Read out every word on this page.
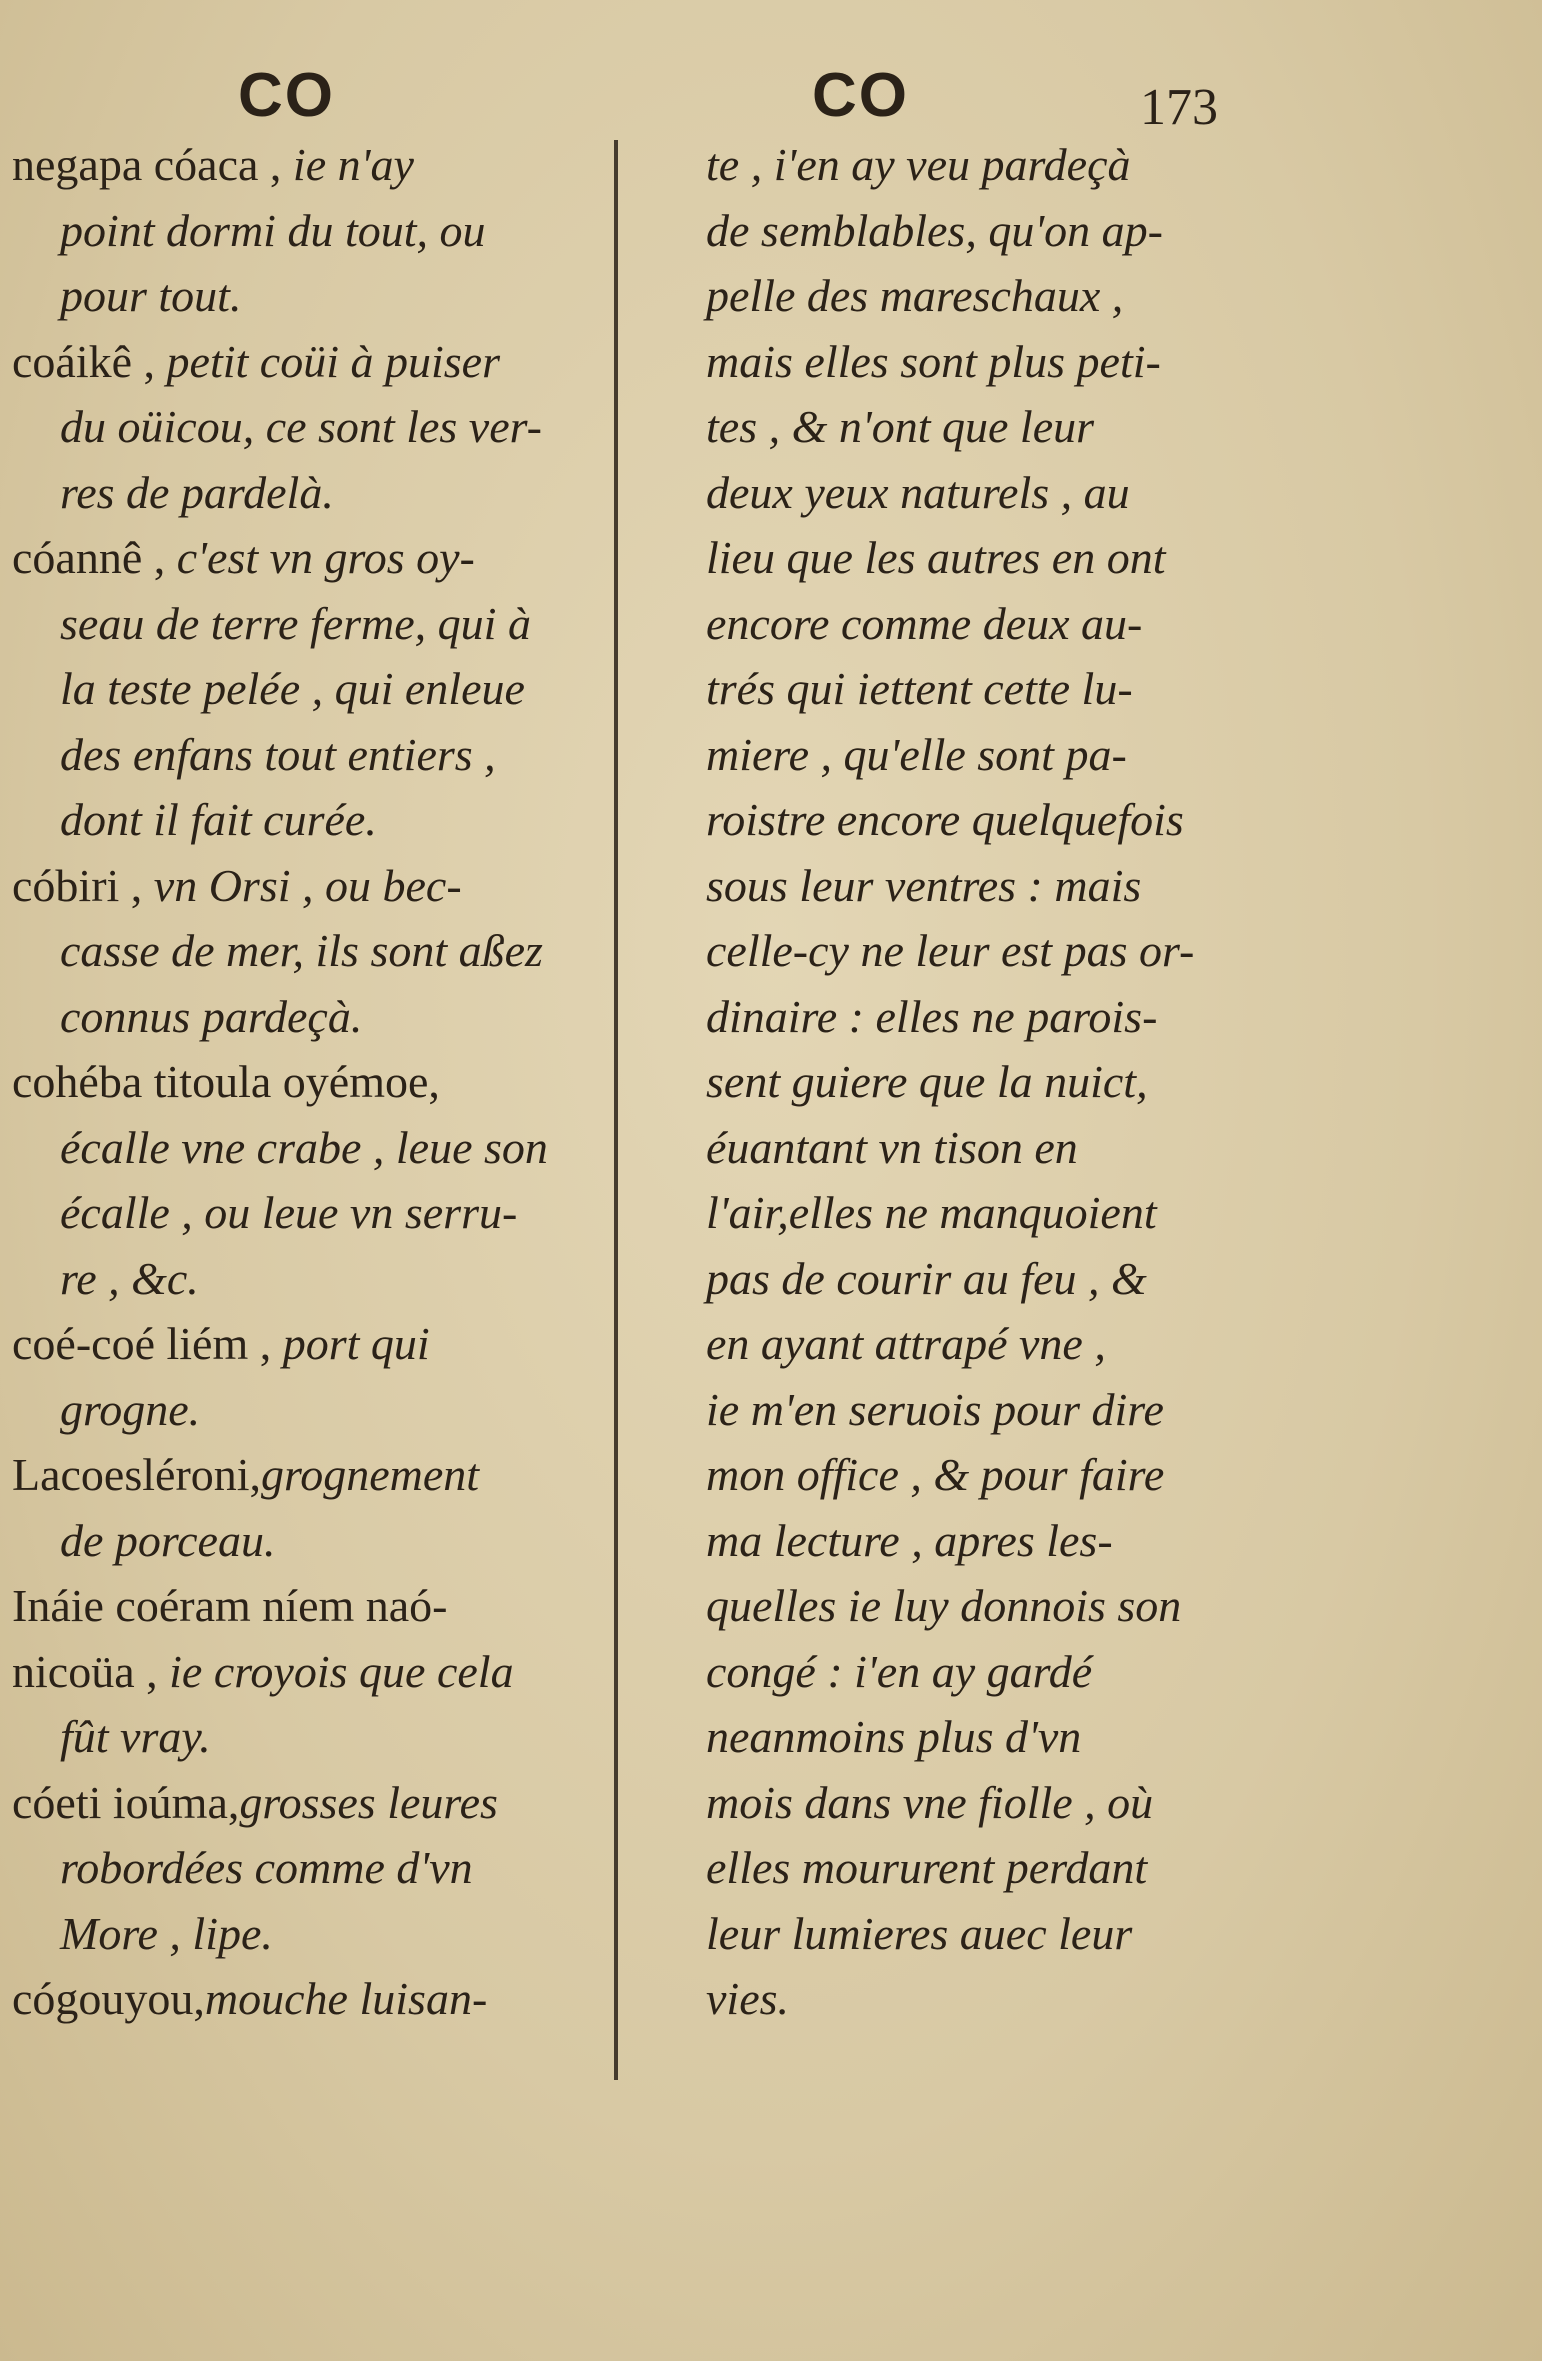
CO	CO	173
negapa cóaca , ie n'ay
point dormi du tout, ou
pour tout.
coáikê , petit coüi à puiser
du oüicou, ce sont les ver-
res de pardelà.
cóannê , c'est vn gros oy-
seau de terre ferme, qui à
la teste pelée , qui enleue
des enfans tout entiers ,
dont il fait curée.
cóbiri , vn Orsi , ou bec-
casse de mer, ils sont aßez
connus pardeçà.
cohéba titoula oyémoe,
écalle vne crabe , leue son
écalle , ou leue vn serru-
re , &c.
coé-coé liém , port qui
grogne.
Lacoesléroni,grognement
de porceau.
Ináie coéram níem naó-
nicoüa , ie croyois que cela
fût vray.
cóeti ioúma,grosses leures
robordées comme d'vn
More , lipe.
cógouyou,mouche luisan-
te , i'en ay veu pardeçà
de semblables, qu'on ap-
pelle des mareschaux ,
mais elles sont plus peti-
tes , & n'ont que leur
deux yeux naturels , au
lieu que les autres en ont
encore comme deux au-
trés qui iettent cette lu-
miere , qu'elle sont pa-
roistre encore quelquefois
sous leur ventres : mais
celle-cy ne leur est pas or-
dinaire : elles ne parois-
sent guiere que la nuict,
éuantant vn tison en
l'air,elles ne manquoient
pas de courir au feu , &
en ayant attrapé vne ,
ie m'en seruois pour dire
mon office , & pour faire
ma lecture , apres les-
quelles ie luy donnois son
congé : i'en ay gardé
neanmoins plus d'vn
mois dans vne fiolle , où
elles moururent perdant
leur lumieres auec leur
vies.
